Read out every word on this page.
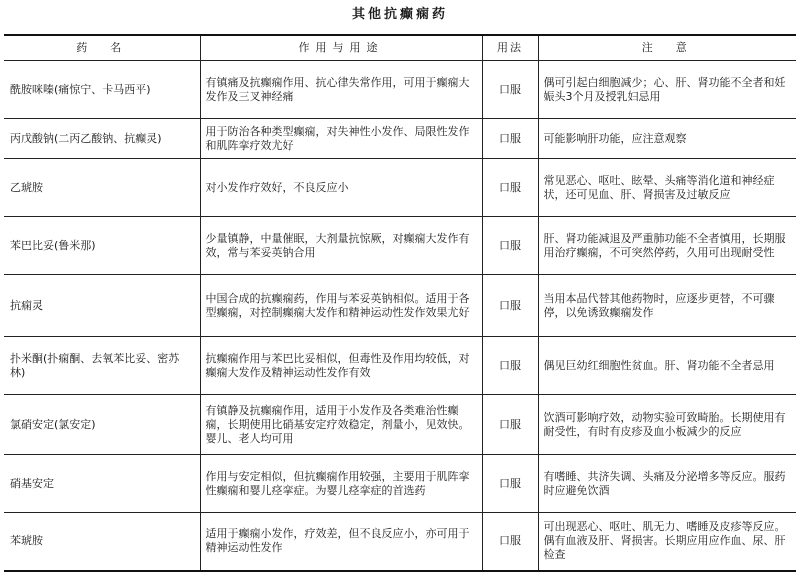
其他抗癫痫药
药　名	作用与用途	用法	注　意
酰胺咪嗪(痛惊宁、卡马西平)	有镇痛及抗癫痫作用、抗心律失常作用，可用于癫痫大发作及三叉神经痛	口服	偶可引起白细胞减少；心、肝、肾功能不全者和妊娠头3个月及授乳妇忌用
丙戊酸钠(二丙乙酸钠、抗癫灵)	用于防治各种类型癫痫，对失神性小发作、局限性发作和肌阵挛疗效尤好	口服	可能影响肝功能，应注意观察
乙琥胺	对小发作疗效好，不良反应小	口服	常见恶心、呕吐、眩晕、头痛等消化道和神经症状，还可见血、肝、肾损害及过敏反应
苯巴比妥(鲁米那)	少量镇静，中量催眠，大剂量抗惊厥，对癫痫大发作有效，常与苯妥英钠合用	口服	肝、肾功能减退及严重肺功能不全者慎用，长期服用治疗癫痫，不可突然停药，久用可出现耐受性
抗痫灵	中国合成的抗癫痫药，作用与苯妥英钠相似。适用于各型癫痫，对控制癫痫大发作和精神运动性发作效果尤好	口服	当用本品代替其他药物时，应逐步更替，不可骤停，以免诱致癫痫发作
扑米酮(扑痫酮、去氧苯比妥、密苏林)	抗癫痫作用与苯巴比妥相似，但毒性及作用均较低，对癫痫大发作及精神运动性发作有效	口服	偶见巨幼红细胞性贫血。肝、肾功能不全者忌用
氯硝安定(氯安定)	有镇静及抗癫痫作用，适用于小发作及各类难治性癫痫，长期使用比硝基安定疗效稳定，剂量小，见效快。婴儿、老人均可用	口服	饮酒可影响疗效，动物实验可致畸胎。长期使用有耐受性，有时有皮疹及血小板减少的反应
硝基安定	作用与安定相似，但抗癫痫作用较强，主要用于肌阵挛性癫痫和婴儿痉挛症。为婴儿痉挛症的首选药	口服	有嗜睡、共济失调、头痛及分泌增多等反应。服药时应避免饮酒
苯琥胺	适用于癫痫小发作，疗效差，但不良反应小，亦可用于精神运动性发作	口服	可出现恶心、呕吐、肌无力、嗜睡及皮疹等反应。偶有血液及肝、肾损害。长期应用应作血、尿、肝检查
